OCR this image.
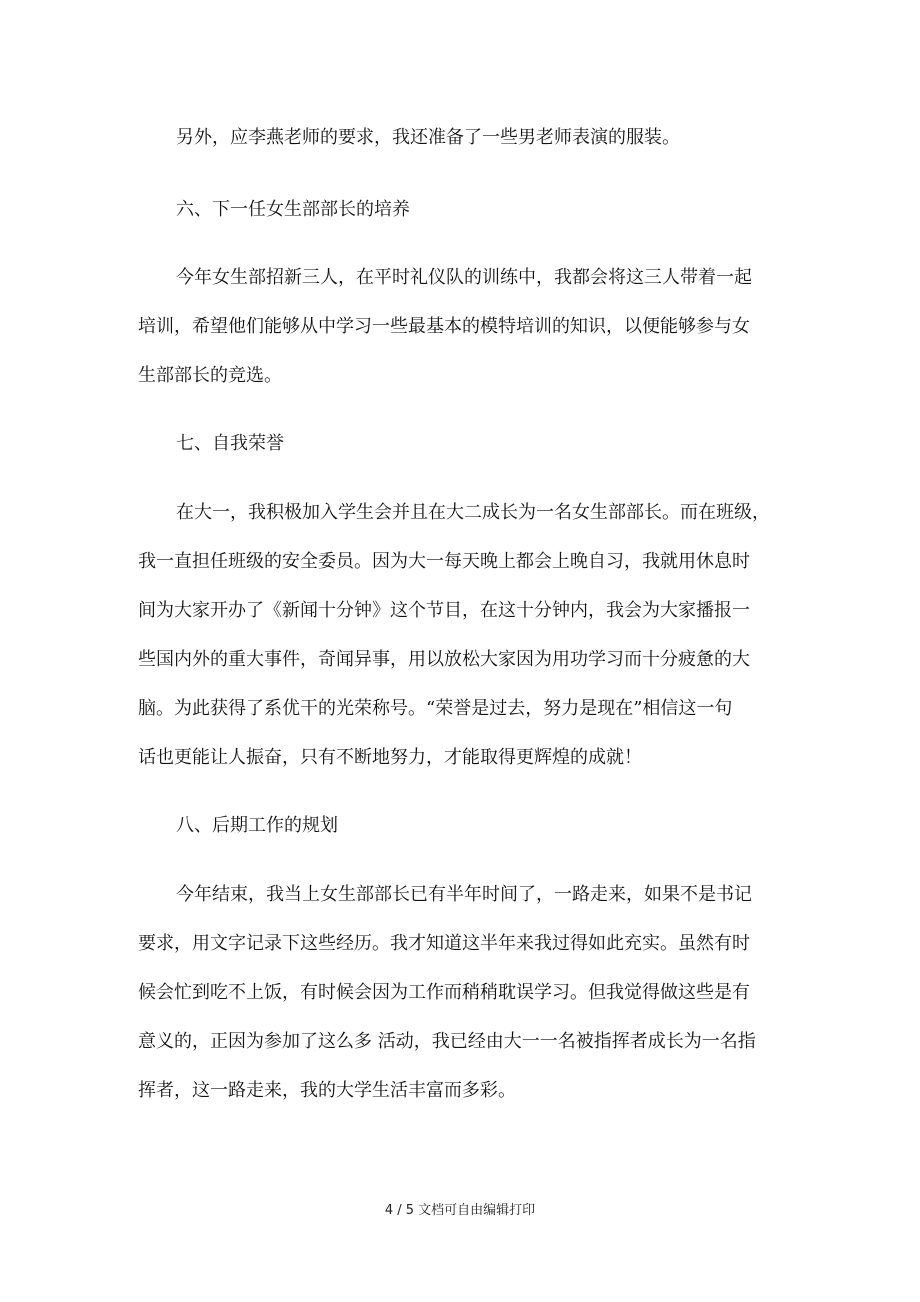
另外，应李燕老师的要求，我还准备了一些男老师表演的服装。
六、下一任女生部部长的培养
今年女生部招新三人，在平时礼仪队的训练中，我都会将这三人带着一起
培训，希望他们能够从中学习一些最基本的模特培训的知识，以便能够参与女
生部部长的竞选。
七、自我荣誉
在大一，我积极加入学生会并且在大二成长为一名女生部部长。而在班级，
我一直担任班级的安全委员。因为大一每天晚上都会上晚自习，我就用休息时
间为大家开办了《新闻十分钟》这个节目，在这十分钟内，我会为大家播报一
些国内外的重大事件，奇闻异事，用以放松大家因为用功学习而十分疲惫的大
脑。为此获得了系优干的光荣称号。“荣誉是过去，努力是现在”相信这一句
话也更能让人振奋，只有不断地努力，才能取得更辉煌的成就！
八、后期工作的规划
今年结束，我当上女生部部长已有半年时间了，一路走来，如果不是书记
要求，用文字记录下这些经历。我才知道这半年来我过得如此充实。虽然有时
候会忙到吃不上饭，有时候会因为工作而稍稍耽误学习。但我觉得做这些是有
意义的，正因为参加了这么多 活动，我已经由大一一名被指挥者成长为一名指
挥者，这一路走来，我的大学生活丰富而多彩。
4 / 5 文档可自由编辑打印
